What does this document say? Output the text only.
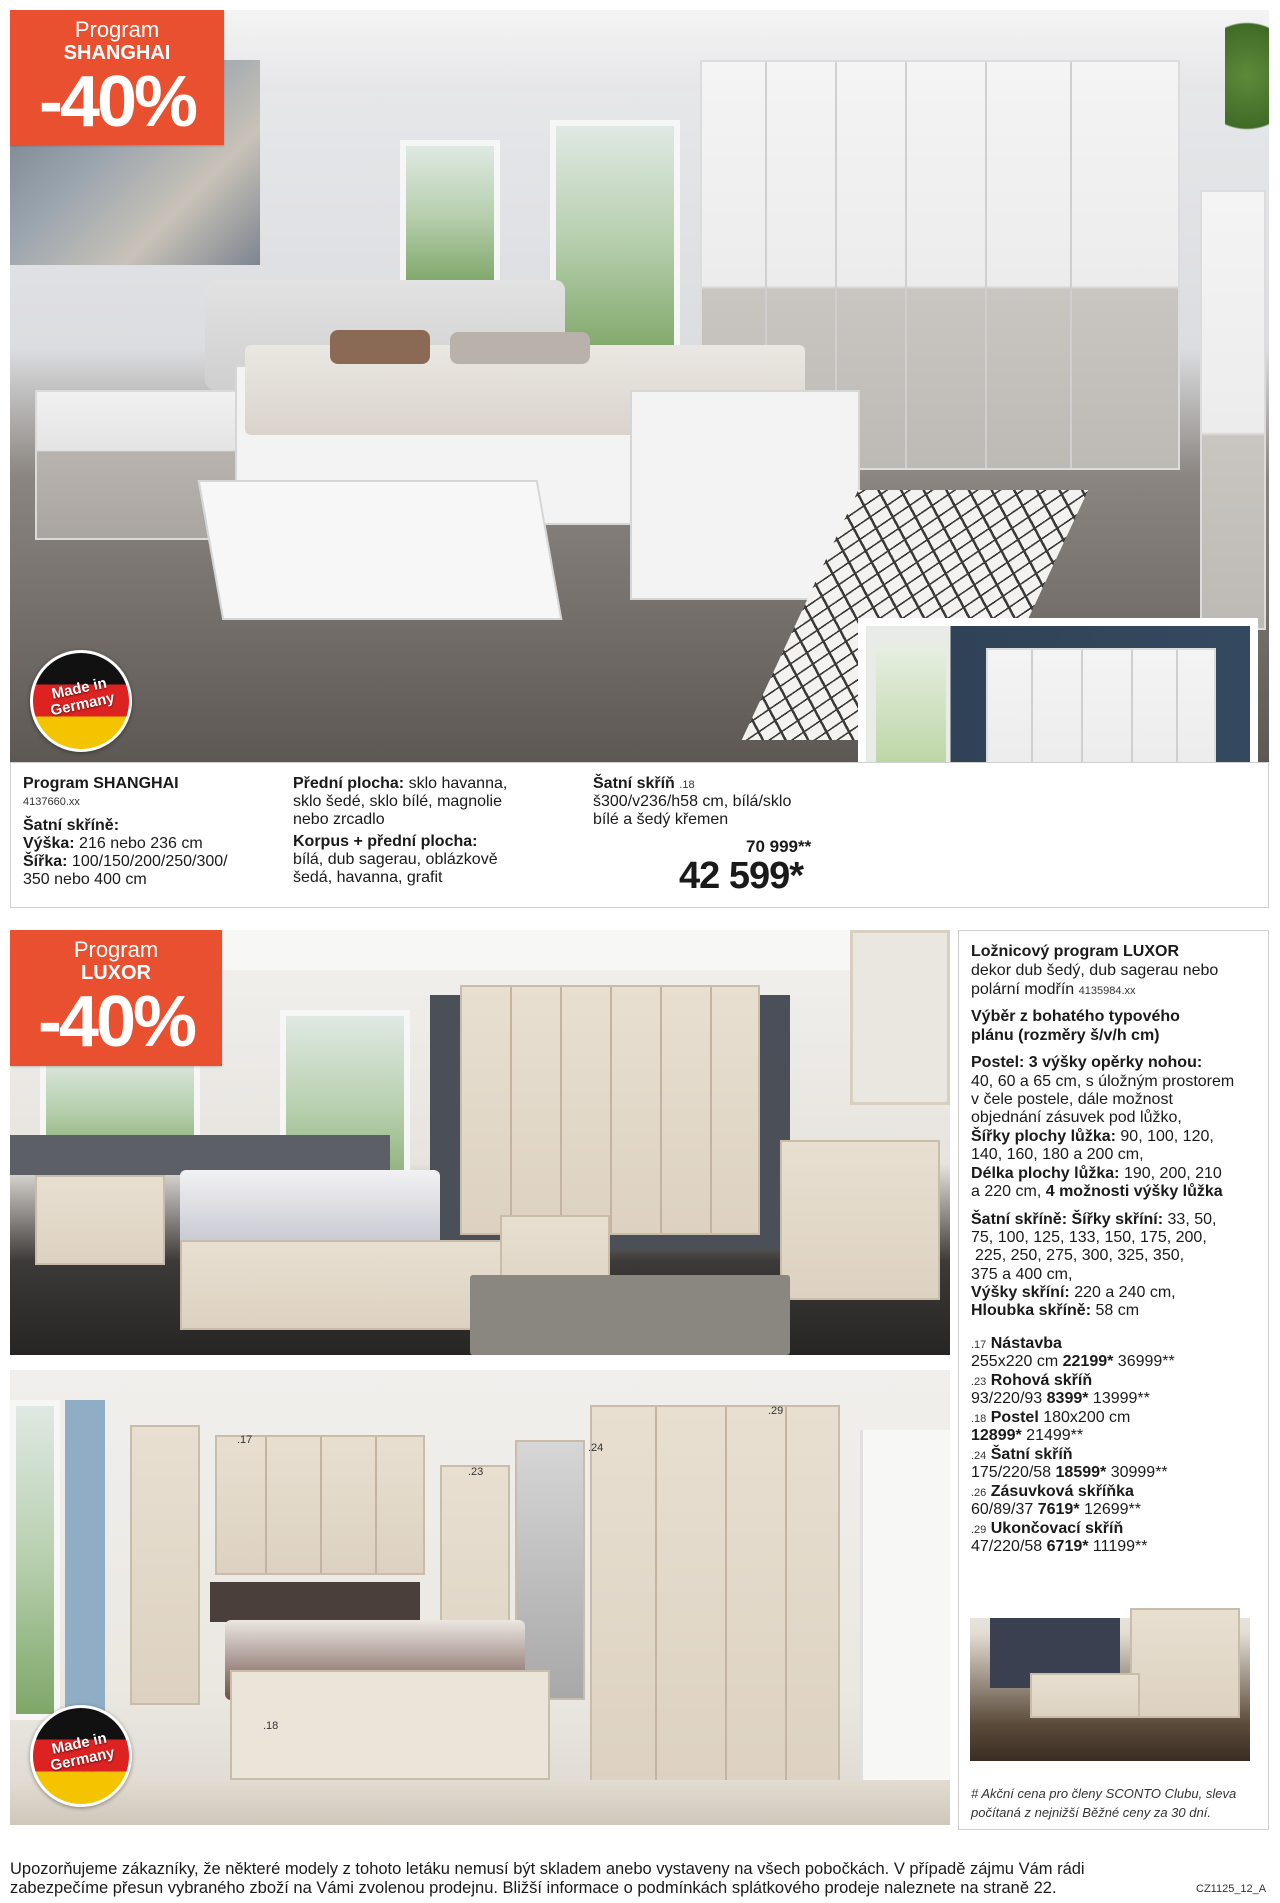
Program
SHANGHAI
-40%
Made in Germany
Program SHANGHAI
4137660.xx
Šatní skříně:
Výška: 216 nebo 236 cm
Šířka: 100/150/200/250/300/
350 nebo 400 cm
Přední plocha: sklo havanna,
sklo šedé, sklo bílé, magnolie
nebo zrcadlo
Korpus + přední plocha:
bílá, dub sagerau, oblázkově
šedá, havanna, grafit
Šatní skříň .18
š300/v236/h58 cm, bílá/sklo
bílé a šedý křemen
70 999**
42 599*
Program
LUXOR
-40%
.17
.23
.24
.29
.18
Made in Germany
Ložnicový program LUXOR
dekor dub šedý, dub sagerau nebo
polární modřín 4135984.xx
Výběr z bohatého typového
plánu (rozměry š/v/h cm)
Postel: 3 výšky opěrky nohou:
40, 60 a 65 cm, s úložným prostorem
v čele postele, dále možnost
objednání zásuvek pod lůžko,
Šířky plochy lůžka: 90, 100, 120,
140, 160, 180 a 200 cm,
Délka plochy lůžka: 190, 200, 210
a 220 cm, 4 možnosti výšky lůžka
Šatní skříně: Šířky skříní: 33, 50,
75, 100, 125, 133, 150, 175, 200,
225, 250, 275, 300, 325, 350,
375 a 400 cm,
Výšky skříní: 220 a 240 cm,
Hloubka skříně: 58 cm
.17 Nástavba
255x220 cm 22199* 36999**
.23 Rohová skříň
93/220/93 8399* 13999**
.18 Postel 180x200 cm
12899* 21499**
.24 Šatní skříň
175/220/58 18599* 30999**
.26 Zásuvková skříňka
60/89/37 7619* 12699**
.29 Ukončovací skříň
47/220/58 6719* 11199**
# Akční cena pro členy SCONTO Clubu, sleva
počítaná z nejnižší Běžné ceny za 30 dní.
Upozorňujeme zákazníky, že některé modely z tohoto letáku nemusí být skladem anebo vystaveny na všech pobočkách. V případě zájmu Vám rádi
zabezpečíme přesun vybraného zboží na Vámi zvolenou prodejnu. Bližší informace o podmínkách splátkového prodeje naleznete na straně 22.	CZ1125_12_A
